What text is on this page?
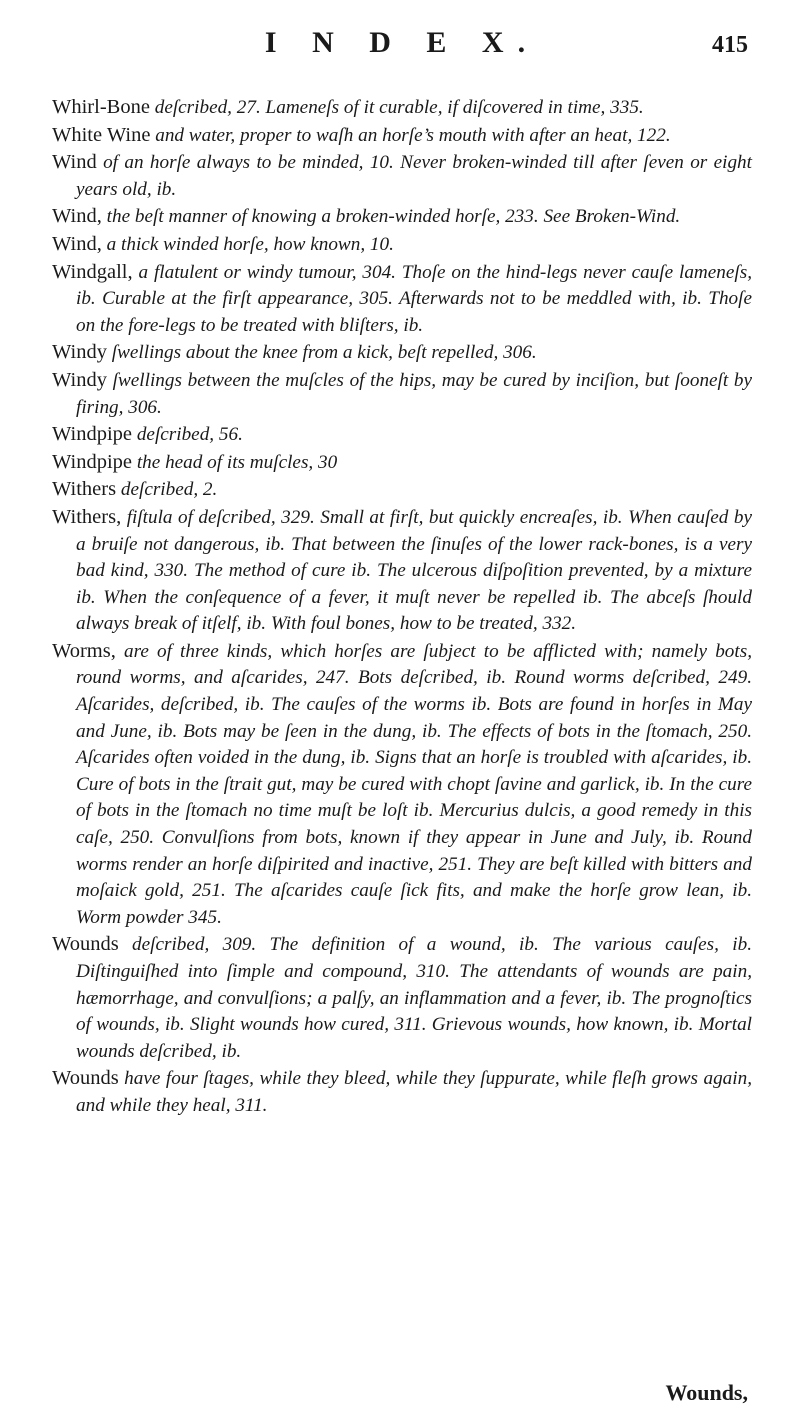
I N D E X.	415
Whirl-Bone deſcribed, 27. Lameneſs of it curable, if diſcovered in time, 335.
White Wine and water, proper to waſh an horſe’s mouth with after an heat, 122.
Wind of an horſe always to be minded, 10. Never broken-winded till after ſeven or eight years old, ib.
Wind, the beſt manner of knowing a broken-winded horſe, 233. See Broken-Wind.
Wind, a thick winded horſe, how known, 10.
Windgall, a flatulent or windy tumour, 304. Thoſe on the hind-legs never cauſe lameneſs, ib. Curable at the firſt appearance, 305. Afterwards not to be meddled with, ib. Thoſe on the fore-legs to be treated with bliſters, ib.
Windy ſwellings about the knee from a kick, beſt repelled, 306.
Windy ſwellings between the muſcles of the hips, may be cured by inciſion, but ſooneſt by firing, 306.
Windpipe deſcribed, 56.
Windpipe the head of its muſcles, 30
Withers deſcribed, 2.
Withers, fiſtula of deſcribed, 329. Small at firſt, but quickly encreaſes, ib. When cauſed by a bruiſe not dangerous, ib. That between the ſinuſes of the lower rack-bones, is a very bad kind, 330. The method of cure ib. The ulcerous diſpoſition prevented, by a mixture ib. When the conſequence of a fever, it muſt never be repelled ib. The abceſs ſhould always break of itſelf, ib. With foul bones, how to be treated, 332.
Worms, are of three kinds, which horſes are ſubject to be afflicted with; namely bots, round worms, and aſcarides, 247. Bots deſcribed, ib. Round worms deſcribed, 249. Aſcarides, deſcribed, ib. The cauſes of the worms ib. Bots are found in horſes in May and June, ib. Bots may be ſeen in the dung, ib. The effects of bots in the ſtomach, 250. Aſcarides often voided in the dung, ib. Signs that an horſe is troubled with aſcarides, ib. Cure of bots in the ſtrait gut, may be cured with chopt ſavine and garlick, ib. In the cure of bots in the ſtomach no time muſt be loſt ib. Mercurius dulcis, a good remedy in this caſe, 250. Convulſions from bots, known if they appear in June and July, ib. Round worms render an horſe diſpirited and inactive, 251. They are beſt killed with bitters and moſaick gold, 251. The aſcarides cauſe ſick fits, and make the horſe grow lean, ib. Worm powder 345.
Wounds deſcribed, 309. The definition of a wound, ib. The various cauſes, ib. Diſtinguiſhed into ſimple and compound, 310. The attendants of wounds are pain, hæmorrhage, and convulſions; a palſy, an inflammation and a fever, ib. The prognoſtics of wounds, ib. Slight wounds how cured, 311. Grievous wounds, how known, ib. Mortal wounds deſcribed, ib.
Wounds have four ſtages, while they bleed, while they ſuppurate, while fleſh grows again, and while they heal, 311.
Wounds,
